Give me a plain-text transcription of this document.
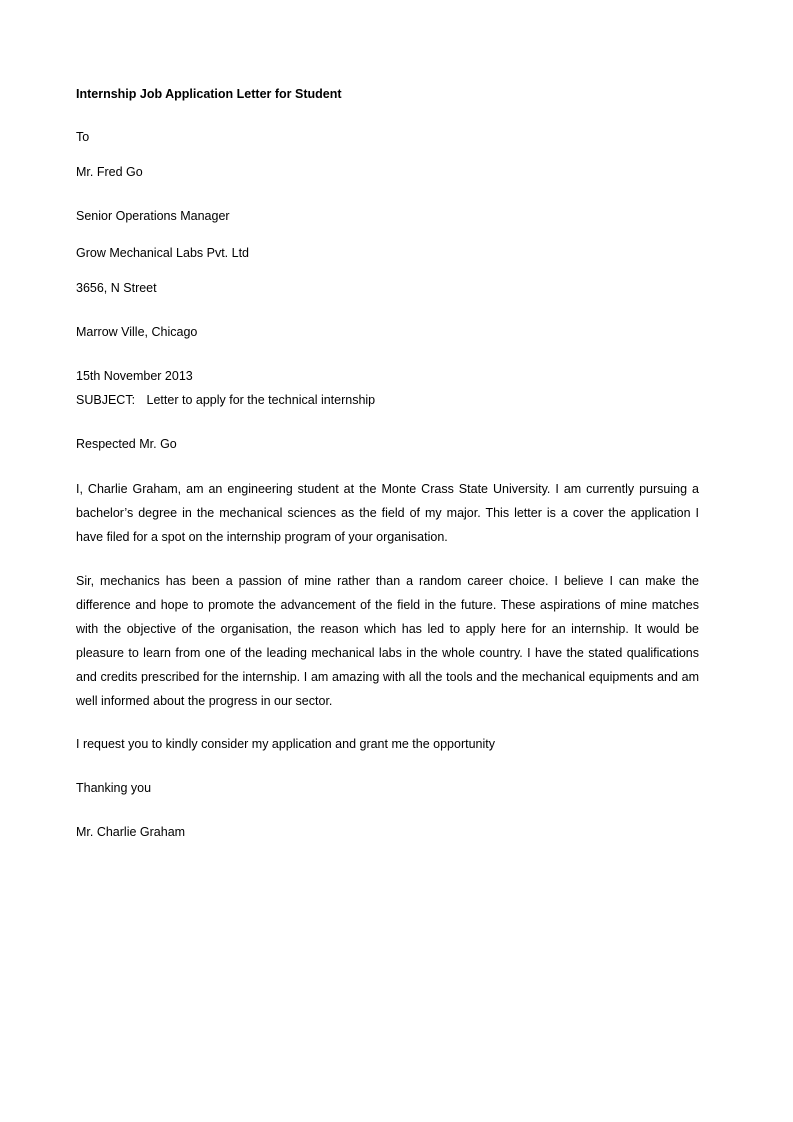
Internship Job Application Letter for Student
To
Mr. Fred Go
Senior Operations Manager
Grow Mechanical Labs Pvt. Ltd
3656, N Street
Marrow Ville, Chicago
15th November 2013
SUBJECT: Letter to apply for the technical internship
Respected Mr. Go
I, Charlie Graham, am an engineering student at the Monte Crass State University. I am currently pursuing a bachelor’s degree in the mechanical sciences as the field of my major. This letter is a cover the application I have filed for a spot on the internship program of your organisation.
Sir, mechanics has been a passion of mine rather than a random career choice. I believe I can make the difference and hope to promote the advancement of the field in the future. These aspirations of mine matches with the objective of the organisation, the reason which has led to apply here for an internship. It would be pleasure to learn from one of the leading mechanical labs in the whole country. I have the stated qualifications and credits prescribed for the internship. I am amazing with all the tools and the mechanical equipments and am well informed about the progress in our sector.
I request you to kindly consider my application and grant me the opportunity
Thanking you
Mr. Charlie Graham
